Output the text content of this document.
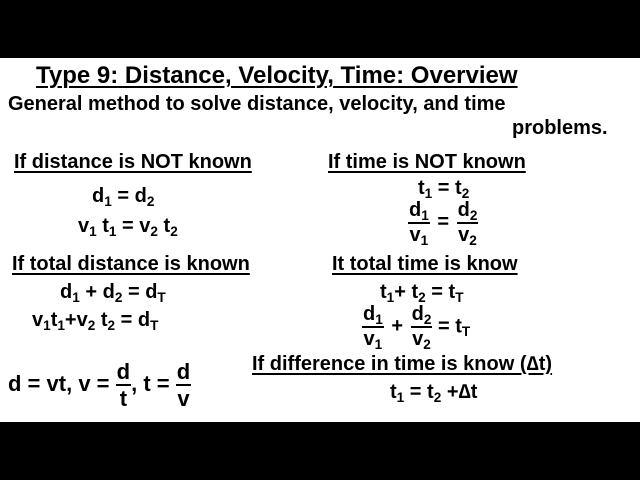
Type 9: Distance, Velocity, Time: Overview
General method to solve distance, velocity, and time
problems.
If distance is NOT known
$d_1 = d_2$
$v_1$ $t_1 = v_2$ $t_2$
If time is NOT known
$t_1 = t_2$
$\frac{d_1}{v_1} = \frac{d_2}{v_2}$
If total distance is known
$d_1 + d_2 = d_T$
$v_1t_1+v_2$ $t_2 = d_T$
It total time is know
$t_1+ t_2 = t_T$
$\frac{d_1}{v_1} + \frac{d_2}{v_2} = t_T$
If difference in time is know (∆t)
$t_1 = t_2 +\Delta t$
d = vt, $v = \frac{d}{t}$ , $t = \frac{d}{v}$
